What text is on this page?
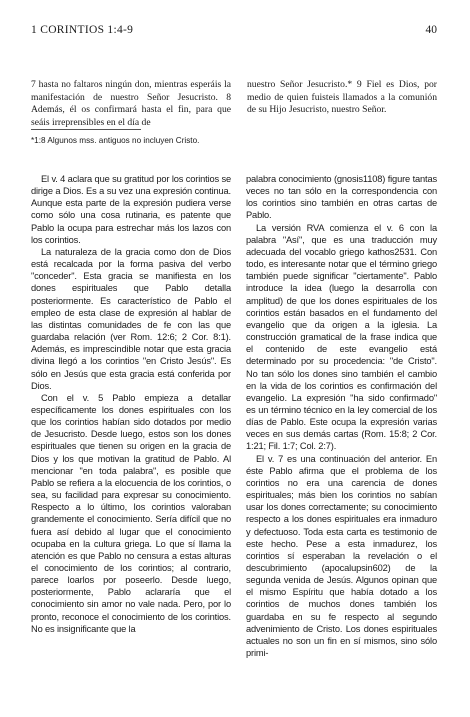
1 CORINTIOS 1:4-9	40

7 hasta no faltaros ningún don, mientras esperáis la manifestación de nuestro Señor Jesucristo. 8 Además, él os confirmará hasta el fin, para que seáis irreprensibles en el día de

nuestro Señor Jesucristo.* 9 Fiel es Dios, por medio de quien fuisteis llamados a la comunión de su Hijo Jesucristo, nuestro Señor.

*1:8 Algunos mss. antiguos no incluyen Cristo.

El v. 4 aclara que su gratitud por los corintios se dirige a Dios. Es a su vez una expresión continua. Aunque esta parte de la expresión pudiera verse como sólo una cosa rutinaria, es patente que Pablo la ocupa para estrechar más los lazos con los corintios.

La naturaleza de la gracia como don de Dios está recalcada por la forma pasiva del verbo "conceder". Esta gracia se manifiesta en los dones espirituales que Pablo detalla posteriormente. Es característico de Pablo el empleo de esta clase de expresión al hablar de las distintas comunidades de fe con las que guardaba relación (ver Rom. 12:6; 2 Cor. 8:1). Además, es imprescindible notar que esta gracia divina llegó a los corintios "en Cristo Jesús". Es sólo en Jesús que esta gracia está conferida por Dios.

Con el v. 5 Pablo empieza a detallar específicamente los dones espirituales con los que los corintios habían sido dotados por medio de Jesucristo. Desde luego, estos son los dones espirituales que tienen su origen en la gracia de Dios y los que motivan la gratitud de Pablo. Al mencionar "en toda palabra", es posible que Pablo se refiera a la elocuencia de los corintios, o sea, su facilidad para expresar su conocimiento. Respecto a lo último, los corintios valoraban grandemente el conocimiento. Sería difícil que no fuera así debido al lugar que el conocimiento ocupaba en la cultura griega. Lo que sí llama la atención es que Pablo no censura a estas alturas el conocimiento de los corintios; al contrario, parece loarlos por poseerlo. Desde luego, posteriormente, Pablo aclararía que el conocimiento sin amor no vale nada. Pero, por lo pronto, reconoce el conocimiento de los corintios. No es insignificante que la

palabra conocimiento (gnosis1108) figure tantas veces no tan sólo en la correspondencia con los corintios sino también en otras cartas de Pablo.

La versión RVA comienza el v. 6 con la palabra "Así", que es una traducción muy adecuada del vocablo griego kathos2531. Con todo, es interesante notar que el término griego también puede significar "ciertamente". Pablo introduce la idea (luego la desarrolla con amplitud) de que los dones espirituales de los corintios están basados en el fundamento del evangelio que da origen a la iglesia. La construcción gramatical de la frase indica que el contenido de este evangelio está determinado por su procedencia: "de Cristo". No tan sólo los dones sino también el cambio en la vida de los corintios es confirmación del evangelio. La expresión "ha sido confirmado" es un término técnico en la ley comercial de los días de Pablo. Este ocupa la expresión varias veces en sus demás cartas (Rom. 15:8; 2 Cor. 1:21; Fil. 1:7; Col. 2:7).

El v. 7 es una continuación del anterior. En éste Pablo afirma que el problema de los corintios no era una carencia de dones espirituales; más bien los corintios no sabían usar los dones correctamente; su conocimiento respecto a los dones espirituales era inmaduro y defectuoso. Toda esta carta es testimonio de este hecho. Pese a esta inmadurez, los corintios sí esperaban la revelación o el descubrimiento (apocalupsin602) de la segunda venida de Jesús. Algunos opinan que el mismo Espíritu que había dotado a los corintios de muchos dones también los guardaba en su fe respecto al segundo advenimiento de Cristo. Los dones espirituales actuales no son un fin en sí mismos, sino sólo primi-
